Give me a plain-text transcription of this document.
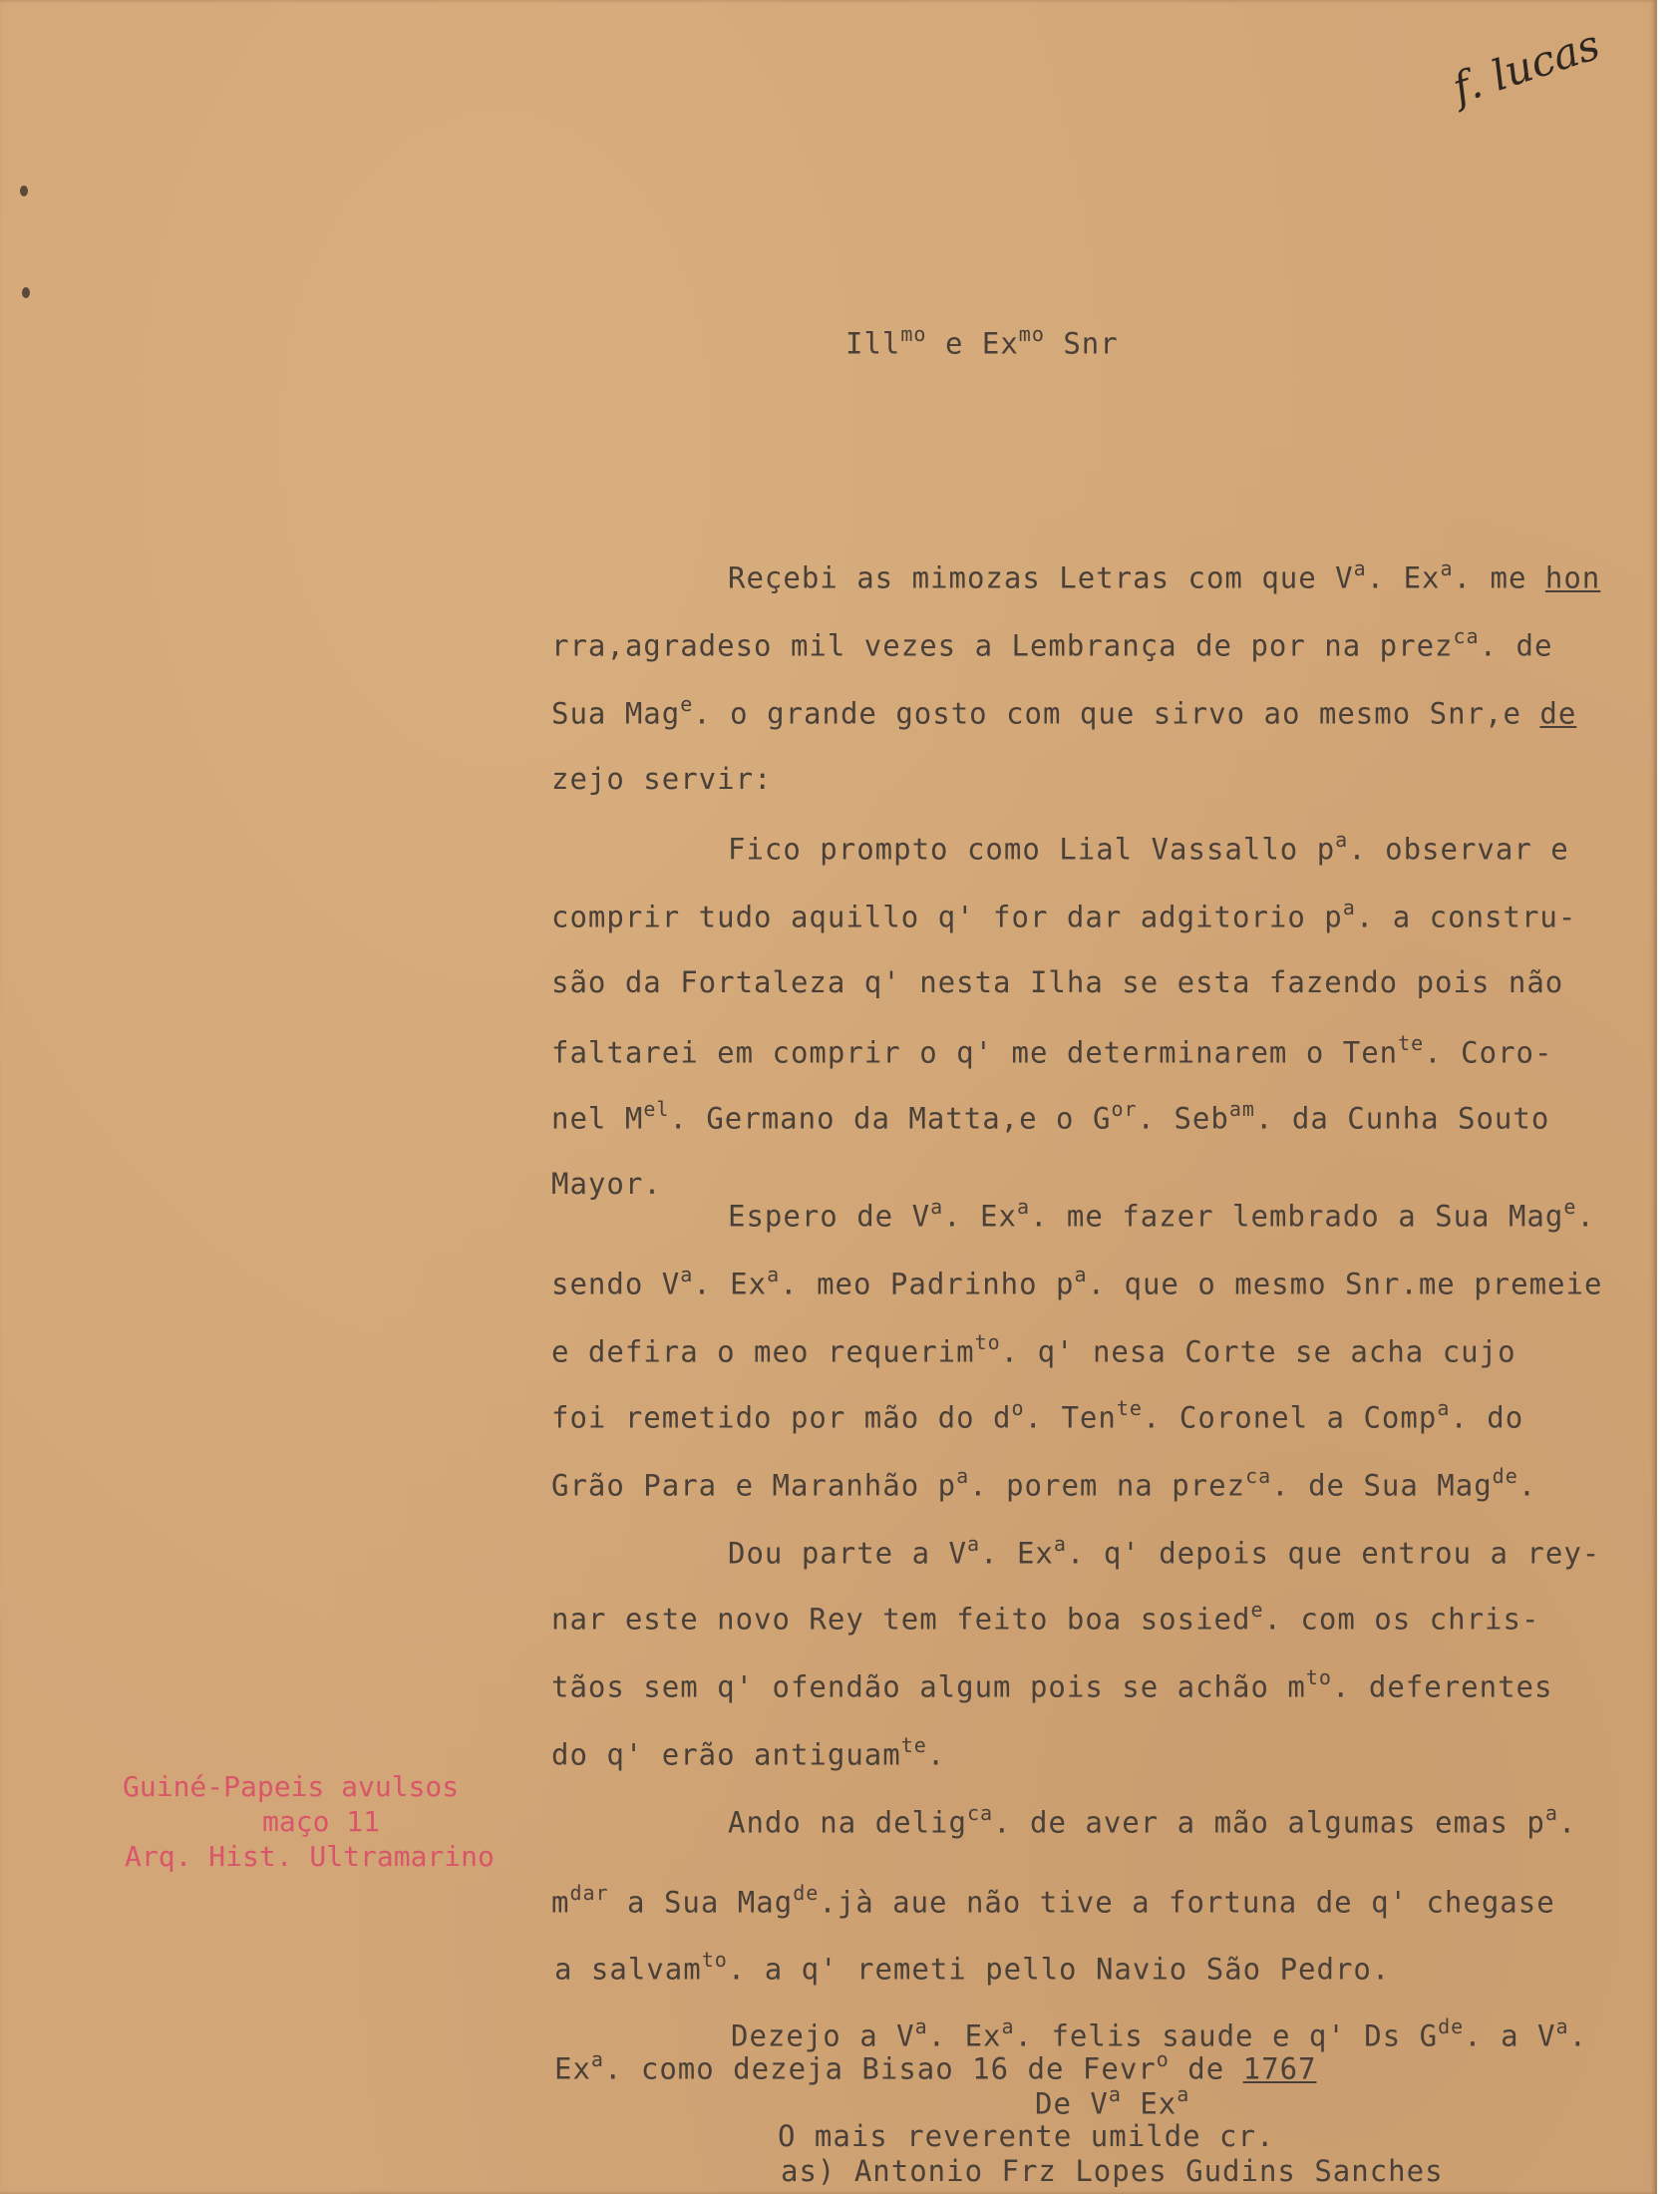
f. lucas
Ill$^{mo}$ e $Ex^{mo}$ Snr
Reçebi as mimozas Letras com que $V^a$. Ex$^a$. me hon
rra,agradeso mil vezes a Lembrança de por na prez$^{ca}$. de
Sua Mag$^e$. o grande gosto com que sirvo ao mesmo Snr,e de
zejo servir:
Fico prompto como Lial Vassallo $p^a$. observar e
comprir tudo aquillo q' for dar adgitorio $p^a$. a constru-
são da Fortaleza q' nesta Ilha se esta fazendo pois não
faltarei em comprir o q' me determinarem o Ten$^{te}$. Coro-
nel $M^{el}$. Germano da Matta,e o $G^{or}$. Seb$^{am}$. da Cunha Souto
Mayor.
Espero de $V^a$. Ex$^a$. me fazer lembrado a Sua Mag$^e$.
sendo $V^a$. Ex$^a$. meo Padrinho $p^a$. que o mesmo Snr.me premeie
e defira o meo requerim$^{to}$. q' nesa Corte se acha cujo
foi remetido por mão do $d^o$. Ten$^{te}$. Coronel a Comp$^a$. do
Grão Para e Maranhão $p^a$. porem na prez$^{ca}$. de Sua Mag$^{de}$.
Dou parte a $V^a$. Ex$^a$. q' depois que entrou a rey-
nar este novo Rey tem feito boa sosied$^e$. com os chris-
tãos sem q' ofendão algum pois se achão $m^{to}$. deferentes
do q' erão antiguam$^{te}$.
Ando na delig$^{ca}$. de aver a mão algumas emas $p^a$.
$m^{dar}$ a Sua Mag$^{de}$.jà aue não tive a fortuna de q' chegase
a salvam$^{to}$. a q' remeti pello Navio São Pedro.
Dezejo a $V^a$. Ex$^a$. felis saude e q' Ds $G^{de}$. a $V^a$.
Ex$^a$. como dezeja Bisao 16 de Fevr$^o$ de 1767
De $V^a$ Ex$^a$
O mais reverente umilde cr.
as) Antonio Frz Lopes Gudins Sanches
Guiné-Papeis avulsos
maço 11
Arq. Hist. Ultramarino
